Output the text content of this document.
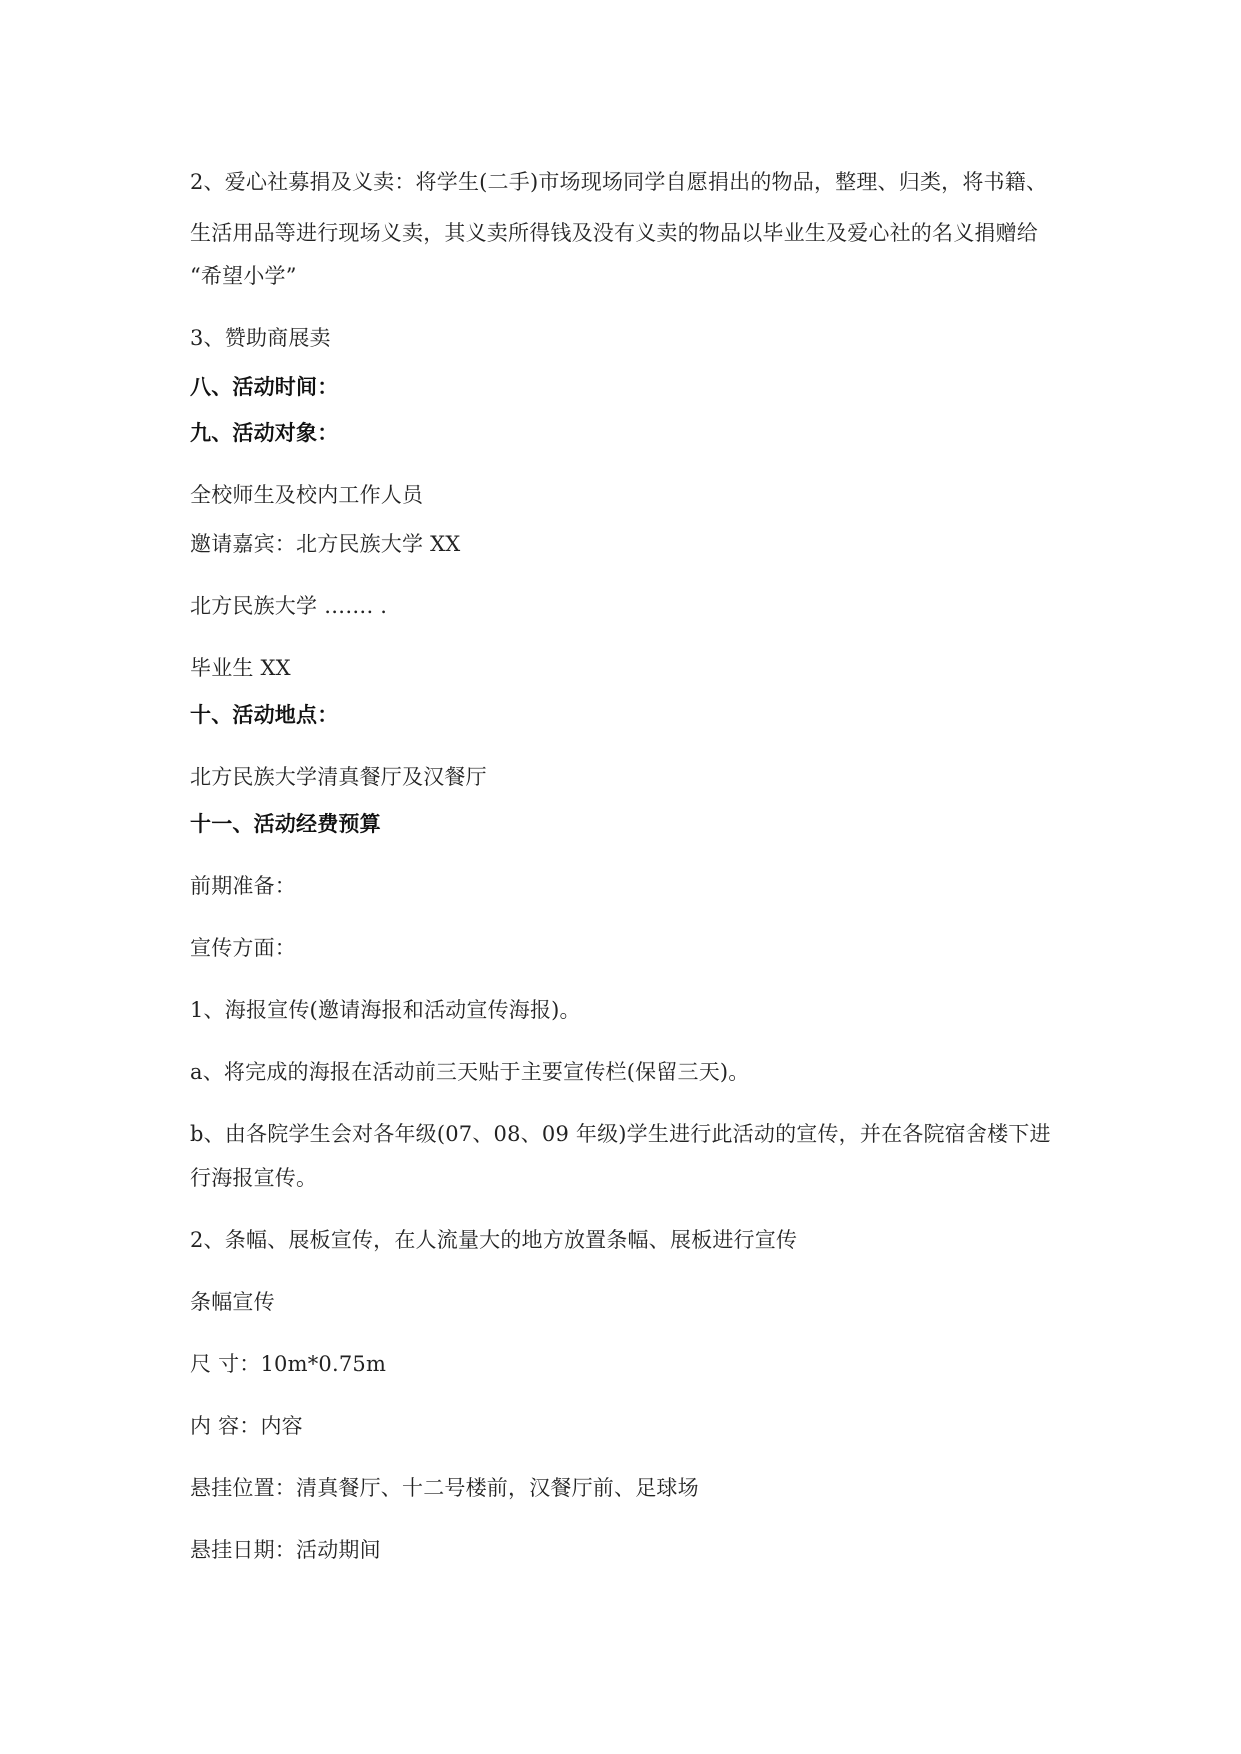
2、爱心社募捐及义卖：将学生(二手)市场现场同学自愿捐出的物品，整理、归类，将书籍、
生活用品等进行现场义卖，其义卖所得钱及没有义卖的物品以毕业生及爱心社的名义捐赠给
“希望小学”
3、赞助商展卖
八、活动时间：
九、活动对象：
全校师生及校内工作人员
邀请嘉宾：北方民族大学 XX
北方民族大学 ……. .
毕业生 XX
十、活动地点：
北方民族大学清真餐厅及汉餐厅
十一、活动经费预算
前期准备：
宣传方面：
1、海报宣传(邀请海报和活动宣传海报)。
a、将完成的海报在活动前三天贴于主要宣传栏(保留三天)。
b、由各院学生会对各年级(07、08、09 年级)学生进行此活动的宣传，并在各院宿舍楼下进
行海报宣传。
2、条幅、展板宣传，在人流量大的地方放置条幅、展板进行宣传
条幅宣传
尺 寸：10m*0.75m
内 容：内容
悬挂位置：清真餐厅、十二号楼前，汉餐厅前、足球场
悬挂日期：活动期间
